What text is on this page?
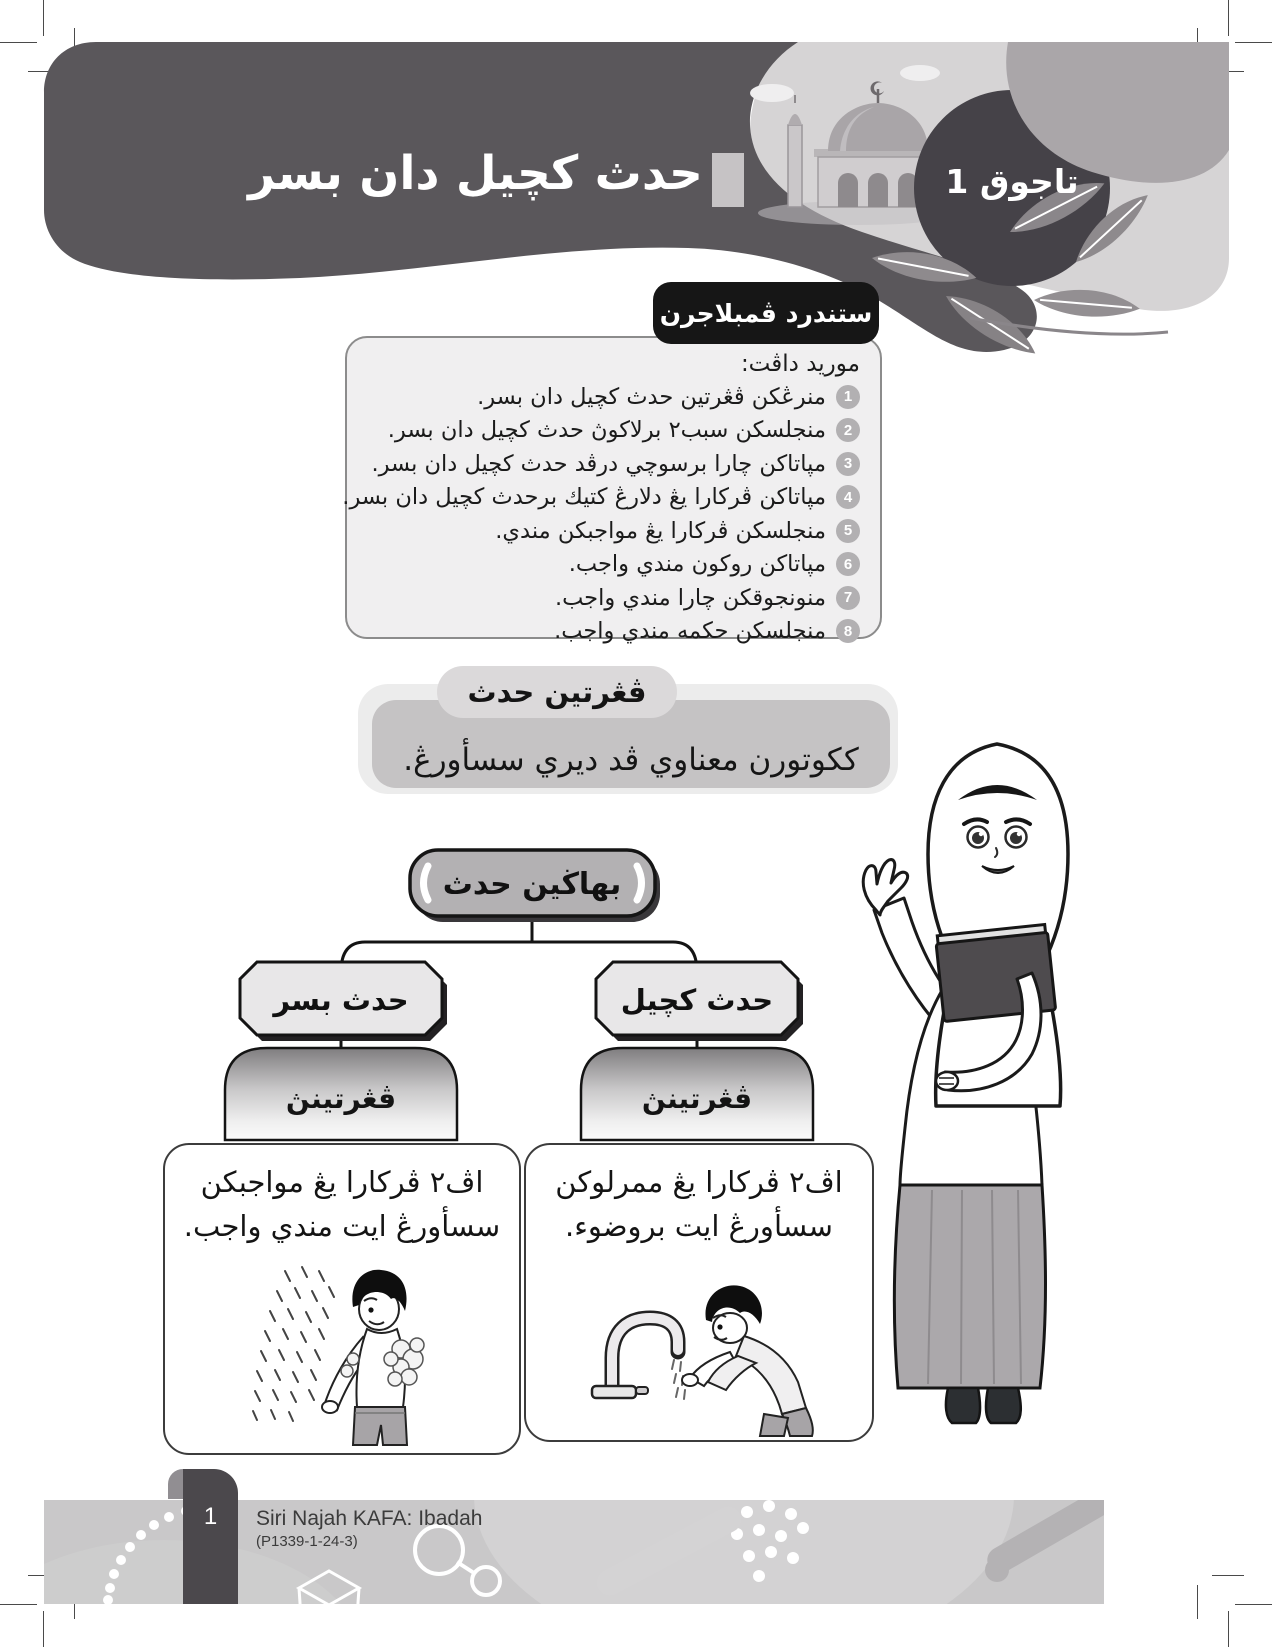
حدث كچيل دان بسر	تاجوق 1
موريد داڤت:
1
منرڠكن ڤڠرتين حدث كچيل دان بسر.
2
منجلسكن سبب٢ برلاكوڽ حدث كچيل دان بسر.
3
مڽاتاكن چارا برسوچي درڤد حدث كچيل دان بسر.
4
مڽاتاكن ڤركارا يڠ دلارڠ كتيك برحدث كچيل دان بسر.
5
منجلسكن ڤركارا يڠ مواجبكن مندي.
6
مڽاتاكن روكون مندي واجب.
7
منونجوقكن چارا مندي واجب.
8
منجلسكن حكمه مندي واجب.
ستندرد ڤمبلاجرن
ككوتورن معناوي ڤد ديري سسأورڠ.
ڤڠرتين حدث
بهاڬين حدث
حدث بسر	حدث كچيل
ڤڠرتينڽ	ڤڠرتينڽ
اڤ٢ ڤركارا يڠ مواجبكن سسأورڠ ايت مندي واجب.
اڤ٢ ڤركارا يڠ ممرلوكن سسأورڠ ايت بروضوء.
1 Siri Najah KAFA: Ibadah
(P1339-1-24-3)
